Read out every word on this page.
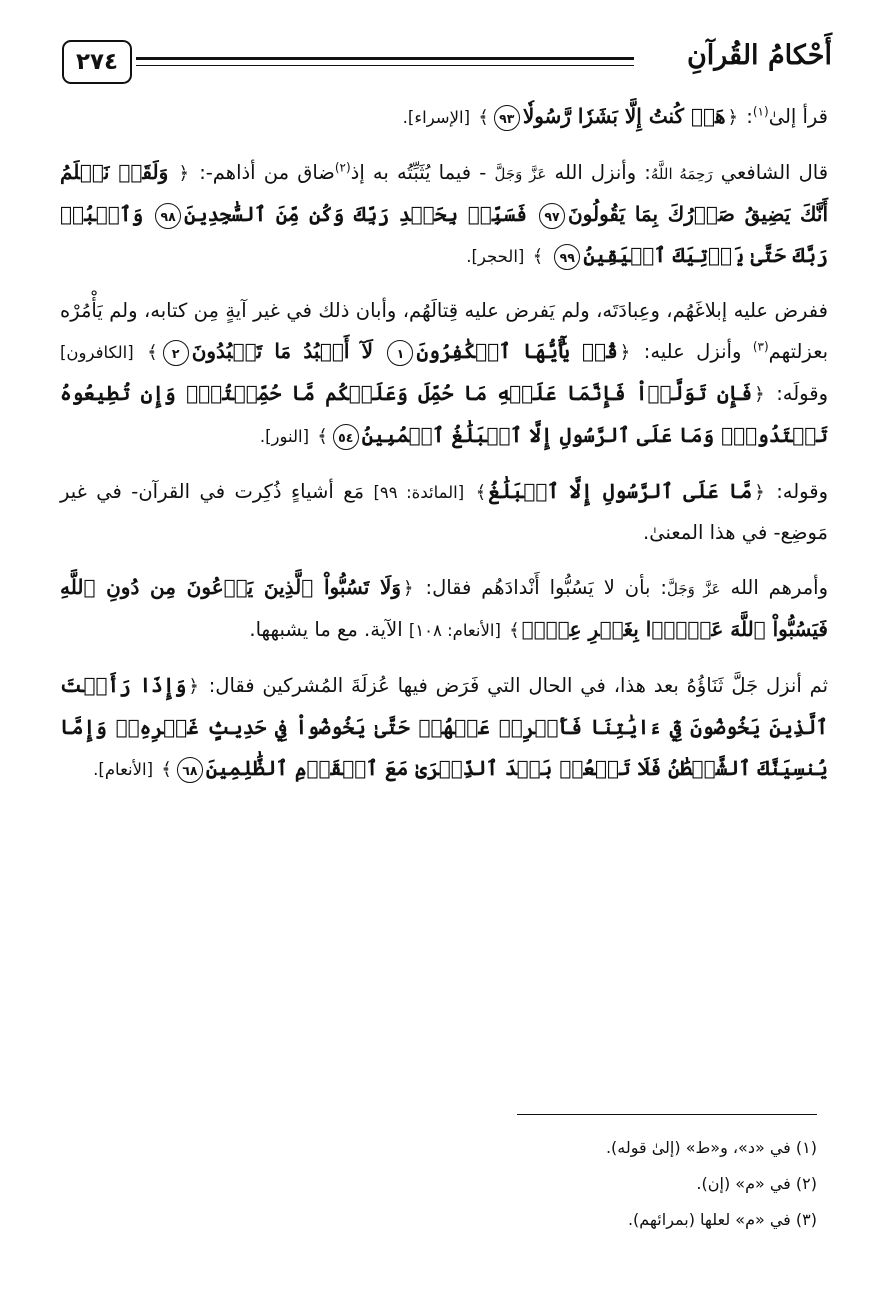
أَحْكامُ القُرآنِ
٢٧٤

قرأ إلىٰ$^{(١)}$: ﴿هَلۡ كُنتُ إِلَّا بَشَرٗا رَّسُولٗا٩٣﴾ [الإسراء].

قال الشافعي رَحِمَهُ اللَّهُ: وأنزل الله عَزَّ وَجَلَّ - فيما يُثَبِّتُه به إذ$^{(٢)}$ضاق من أذاهم-: ﴿ وَلَقَدۡ نَعۡلَمُ أَنَّكَ يَضِيقُ صَدۡرُكَ بِمَا يَقُولُونَ٩٧ فَسَبِّحۡ بِحَمۡدِ رَبِّكَ وَكُن مِّنَ ٱلسَّٰجِدِينَ٩٨ وَٱعۡبُدۡ رَبَّكَ حَتَّىٰ يَأۡتِيَكَ ٱلۡيَقِينُ٩٩ ﴾ [الحجر].

ففرض عليه إبلاغَهُم، وعِبادَتَه، ولم يَفرض عليه قِتالَهُم، وأبان ذلك في غير آيةٍ مِن كتابه، ولم يَأْمُرْه بعزلتهم$^{(٣)}$ وأنزل عليه: ﴿قُلۡ يَٰٓأَيُّهَا ٱلۡكَٰفِرُونَ١ لَآ أَعۡبُدُ مَا تَعۡبُدُونَ٢﴾ [الكافرون] وقولَه: ﴿فَإِن تَوَلَّوۡاْ فَإِنَّمَا عَلَيۡهِ مَا حُمِّلَ وَعَلَيۡكُم مَّا حُمِّلۡتُمۡۖ وَإِن تُطِيعُوهُ تَهۡتَدُواْۚ وَمَا عَلَى ٱلرَّسُولِ إِلَّا ٱلۡبَلَٰغُ ٱلۡمُبِينُ٥٤﴾ [النور].

وقوله: ﴿مَّا عَلَى ٱلرَّسُولِ إِلَّا ٱلۡبَلَٰغُ﴾ [المائدة: ٩٩] مَع أشياءٍ ذُكِرت في القرآن- في غير مَوضِع- في هذا المعنىٰ.

وأمرهم الله عَزَّ وَجَلَّ: بأن لا يَسُبُّوا أَنْدادَهُم فقال: ﴿وَلَا تَسُبُّواْ ٱلَّذِينَ يَدۡعُونَ مِن دُونِ ٱللَّهِ فَيَسُبُّواْ ٱللَّهَ عَدۡوَۢا بِغَيۡرِ عِلۡمٖ﴾ [الأنعام: ١٠٨] الآية. مع ما يشبهها.

ثم أنزل جَلَّ ثَنَاؤُهُ بعد هذا، في الحال التي فَرَض فيها عُزلَةَ المُشركين فقال: ﴿وَإِذَا رَأَيۡتَ ٱلَّذِينَ يَخُوضُونَ فِيٓ ءَايَٰتِنَا فَأَعۡرِضۡ عَنۡهُمۡ حَتَّىٰ يَخُوضُواْ فِي حَدِيثٍ غَيۡرِهِۦۚ وَإِمَّا يُنسِيَنَّكَ ٱلشَّيۡطَٰنُ فَلَا تَقۡعُدۡ بَعۡدَ ٱلذِّكۡرَىٰ مَعَ ٱلۡقَوۡمِ ٱلظَّٰلِمِينَ٦٨﴾ [الأنعام].

(١) في «د»، و«ط» (إلىٰ قوله).
(٢) في «م» (إن).
(٣) في «م» لعلها (بمرائهم).
